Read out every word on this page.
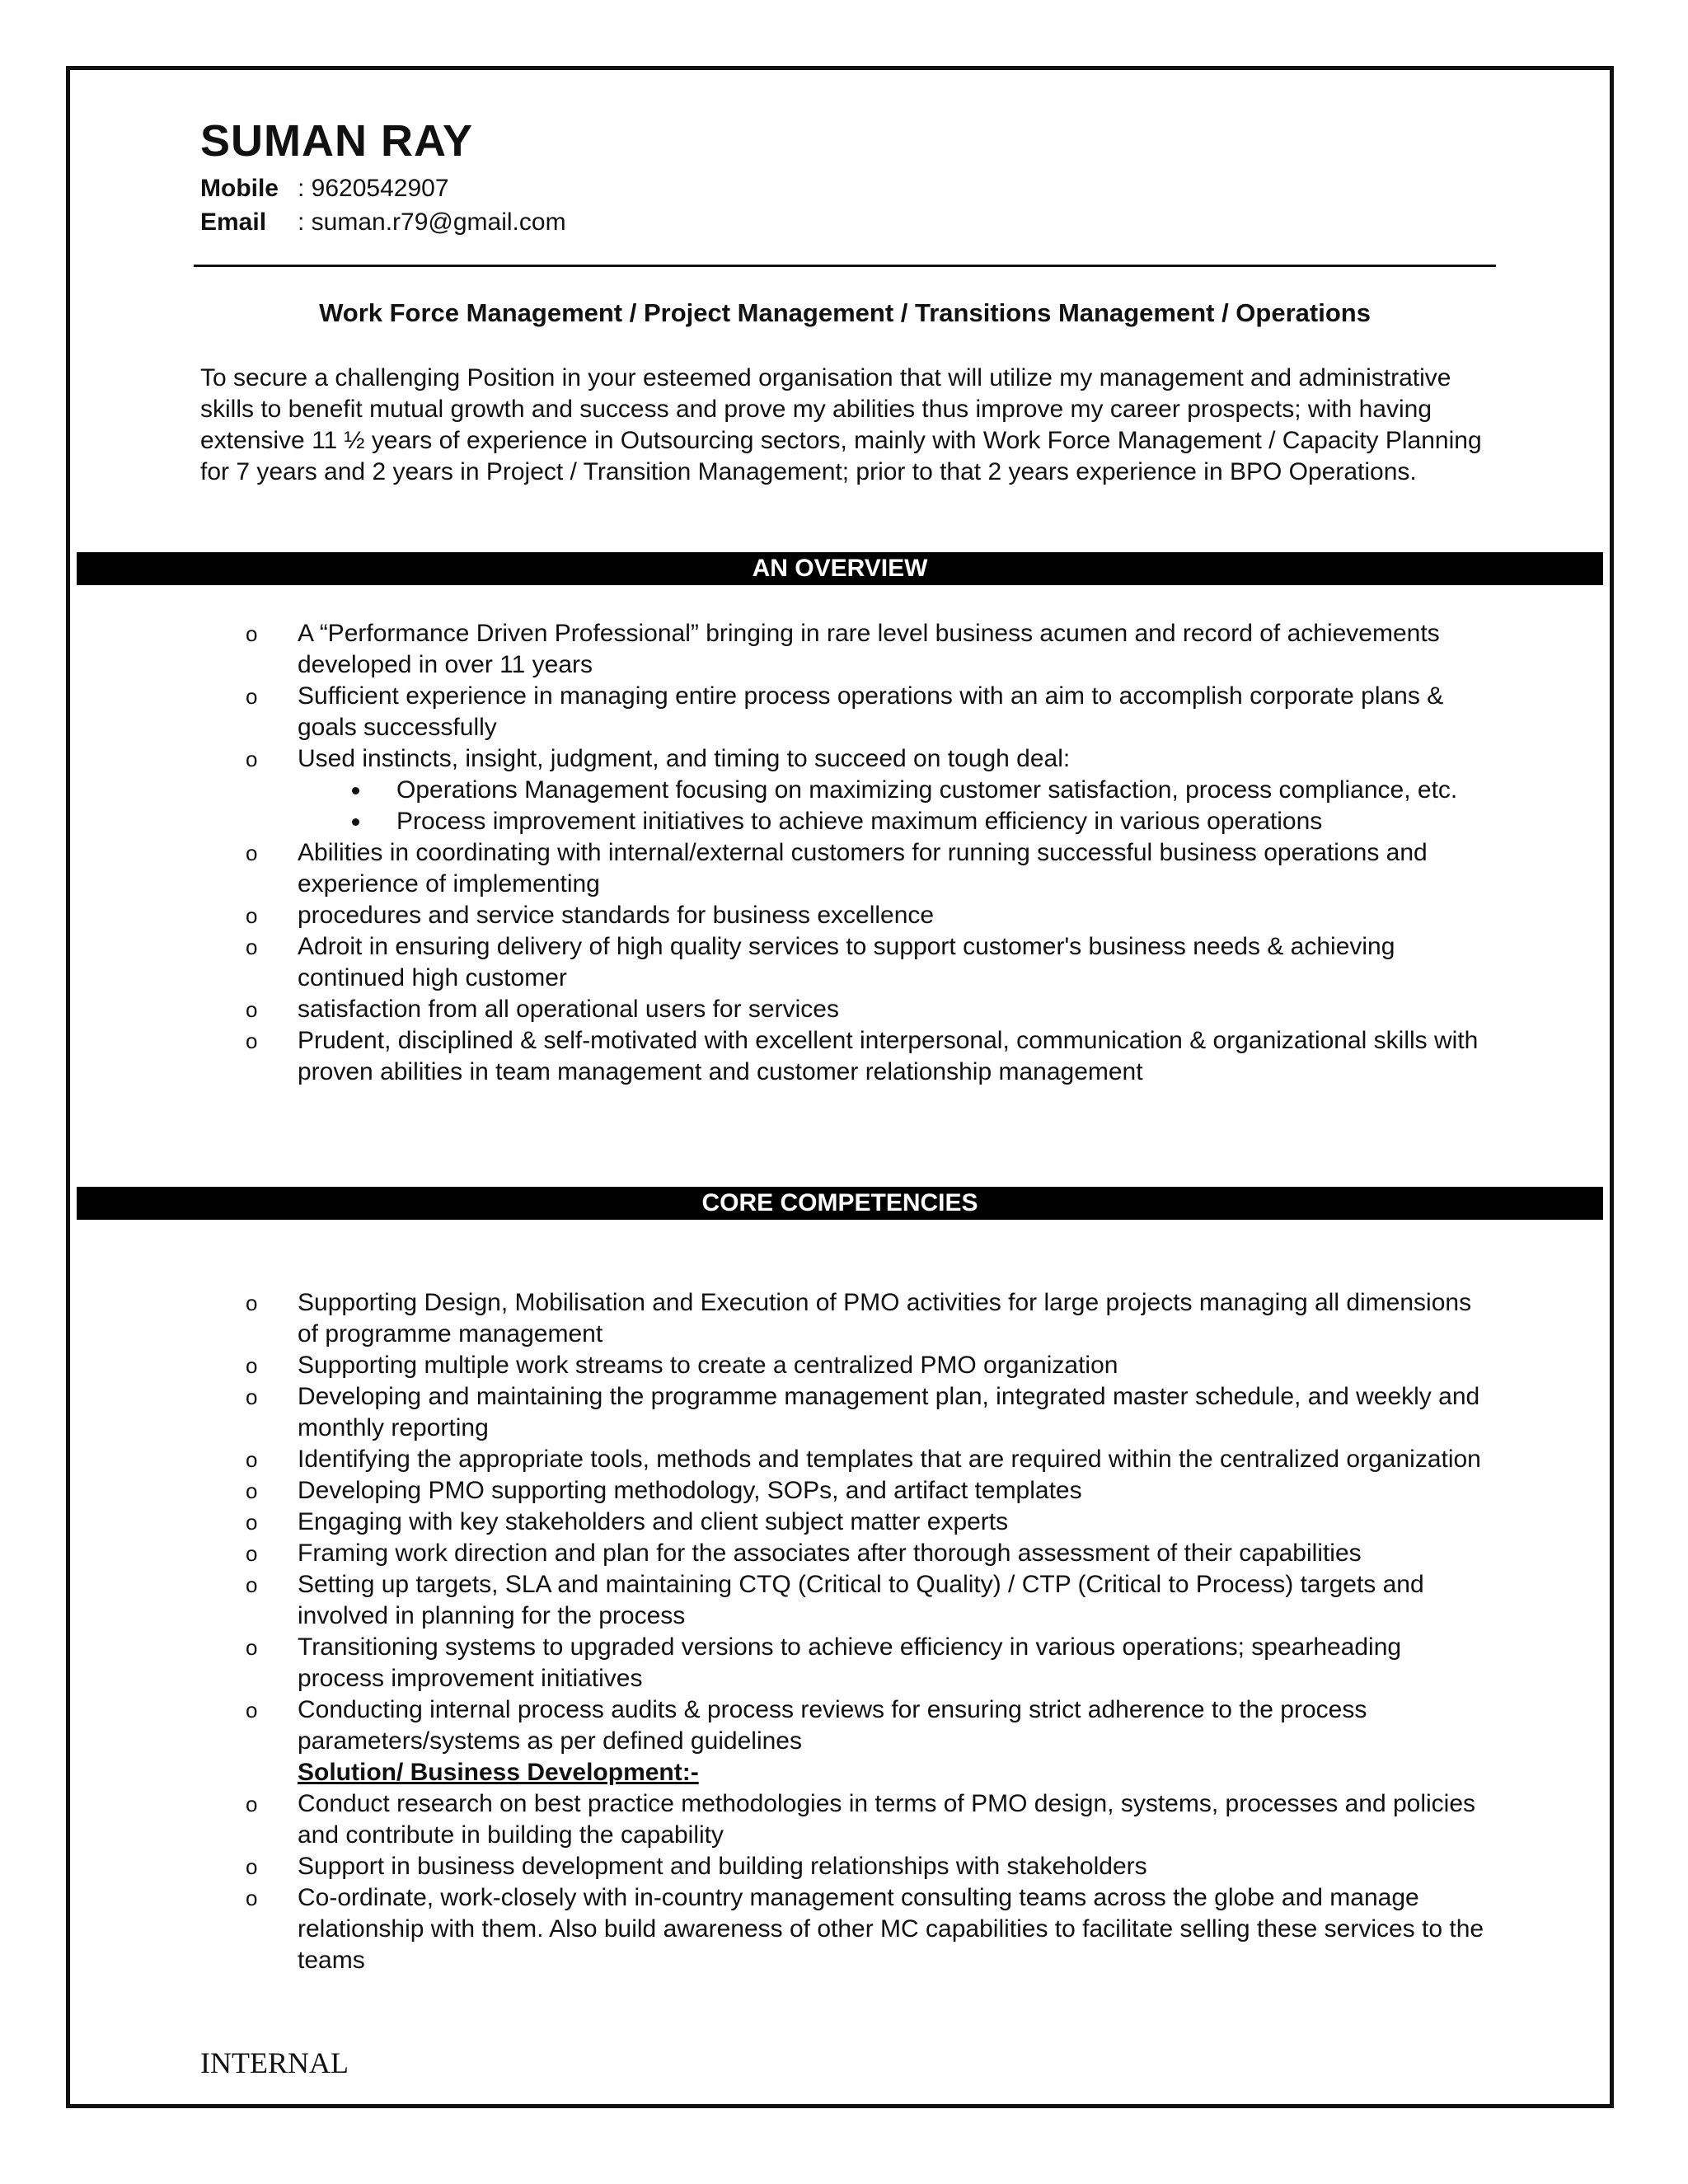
SUMAN RAY
Mobile : 9620542907
Email : suman.r79@gmail.com
Work Force Management / Project Management / Transitions Management / Operations
To secure a challenging Position in your esteemed organisation that will utilize my management and administrative skills to benefit mutual growth and success and prove my abilities thus improve my career prospects; with having extensive 11 ½ years of experience in Outsourcing sectors, mainly with Work Force Management / Capacity Planning for 7 years and 2 years in Project / Transition Management; prior to that 2 years experience in BPO Operations.
AN OVERVIEW
o A “Performance Driven Professional” bringing in rare level business acumen and record of achievements developed in over 11 years
o Sufficient experience in managing entire process operations with an aim to accomplish corporate plans & goals successfully
o Used instincts, insight, judgment, and timing to succeed on tough deal:
Operations Management focusing on maximizing customer satisfaction, process compliance, etc.
Process improvement initiatives to achieve maximum efficiency in various operations
o Abilities in coordinating with internal/external customers for running successful business operations and experience of implementing
o procedures and service standards for business excellence
o Adroit in ensuring delivery of high quality services to support customer's business needs & achieving continued high customer
o satisfaction from all operational users for services
o Prudent, disciplined & self-motivated with excellent interpersonal, communication & organizational skills with proven abilities in team management and customer relationship management
CORE COMPETENCIES
o Supporting Design, Mobilisation and Execution of PMO activities for large projects managing all dimensions of programme management
o Supporting multiple work streams to create a centralized PMO organization
o Developing and maintaining the programme management plan, integrated master schedule, and weekly and monthly reporting
o Identifying the appropriate tools, methods and templates that are required within the centralized organization
o Developing PMO supporting methodology, SOPs, and artifact templates
o Engaging with key stakeholders and client subject matter experts
o Framing work direction and plan for the associates after thorough assessment of their capabilities
o Setting up targets, SLA and maintaining CTQ (Critical to Quality) / CTP (Critical to Process) targets and involved in planning for the process
o Transitioning systems to upgraded versions to achieve efficiency in various operations; spearheading process improvement initiatives
o Conducting internal process audits & process reviews for ensuring strict adherence to the process parameters/systems as per defined guidelines
Solution/ Business Development:-
o Conduct research on best practice methodologies in terms of PMO design, systems, processes and policies and contribute in building the capability
o Support in business development and building relationships with stakeholders
o Co-ordinate, work-closely with in-country management consulting teams across the globe and manage relationship with them. Also build awareness of other MC capabilities to facilitate selling these services to the teams
INTERNAL
